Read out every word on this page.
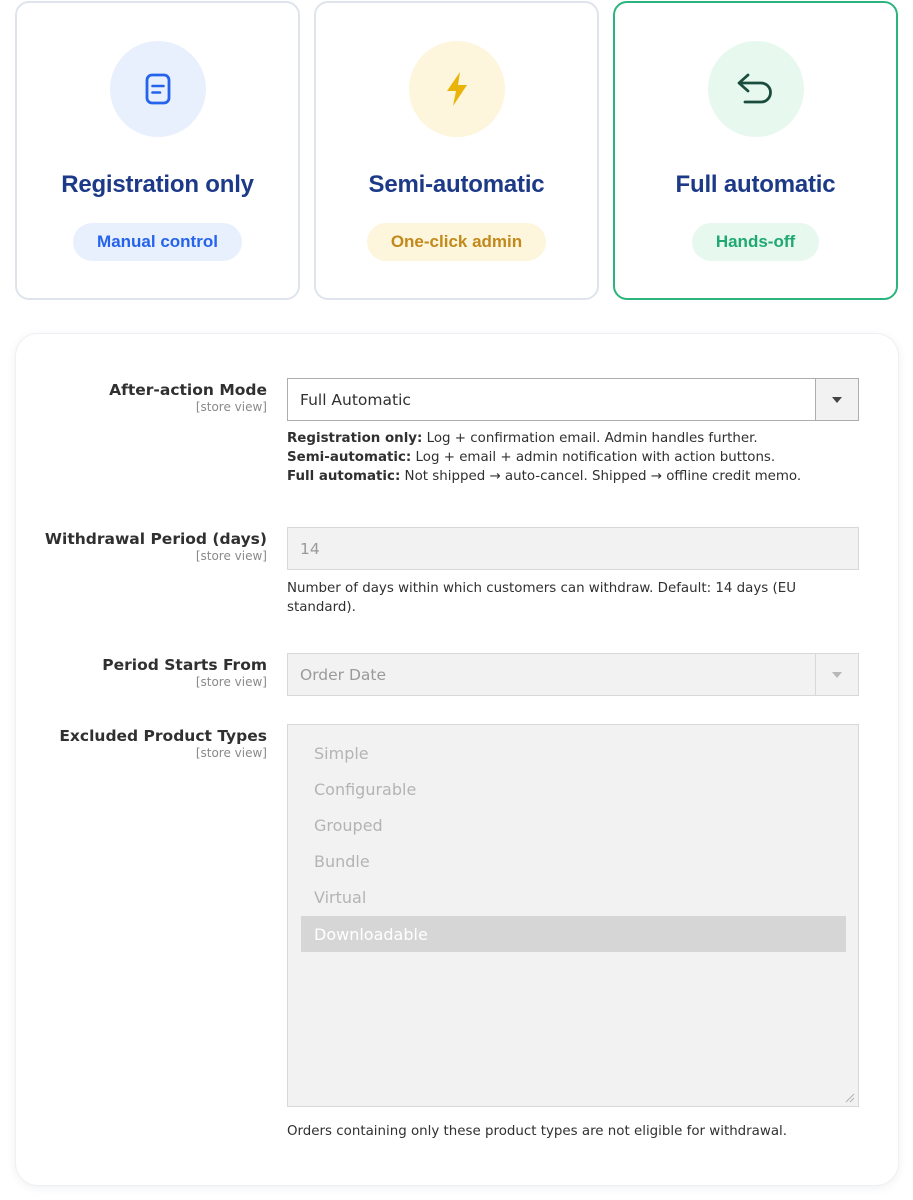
Registration only
Manual control
Semi-automatic
One-click admin
Full automatic
Hands-off
After-action Mode
[store view] Full Automatic
Registration only: Log + confirmation email. Admin handles further.
Semi-automatic: Log + email + admin notification with action buttons.
Full automatic: Not shipped → auto-cancel. Shipped → offline credit memo.
Withdrawal Period (days)
[store view] 14
Number of days within which customers can withdraw. Default: 14 days (EU standard).
Period Starts From
[store view] Order Date
Excluded Product Types
[store view]	Simple
Configurable
Grouped
Bundle
Virtual
Downloadable
Orders containing only these product types are not eligible for withdrawal.
